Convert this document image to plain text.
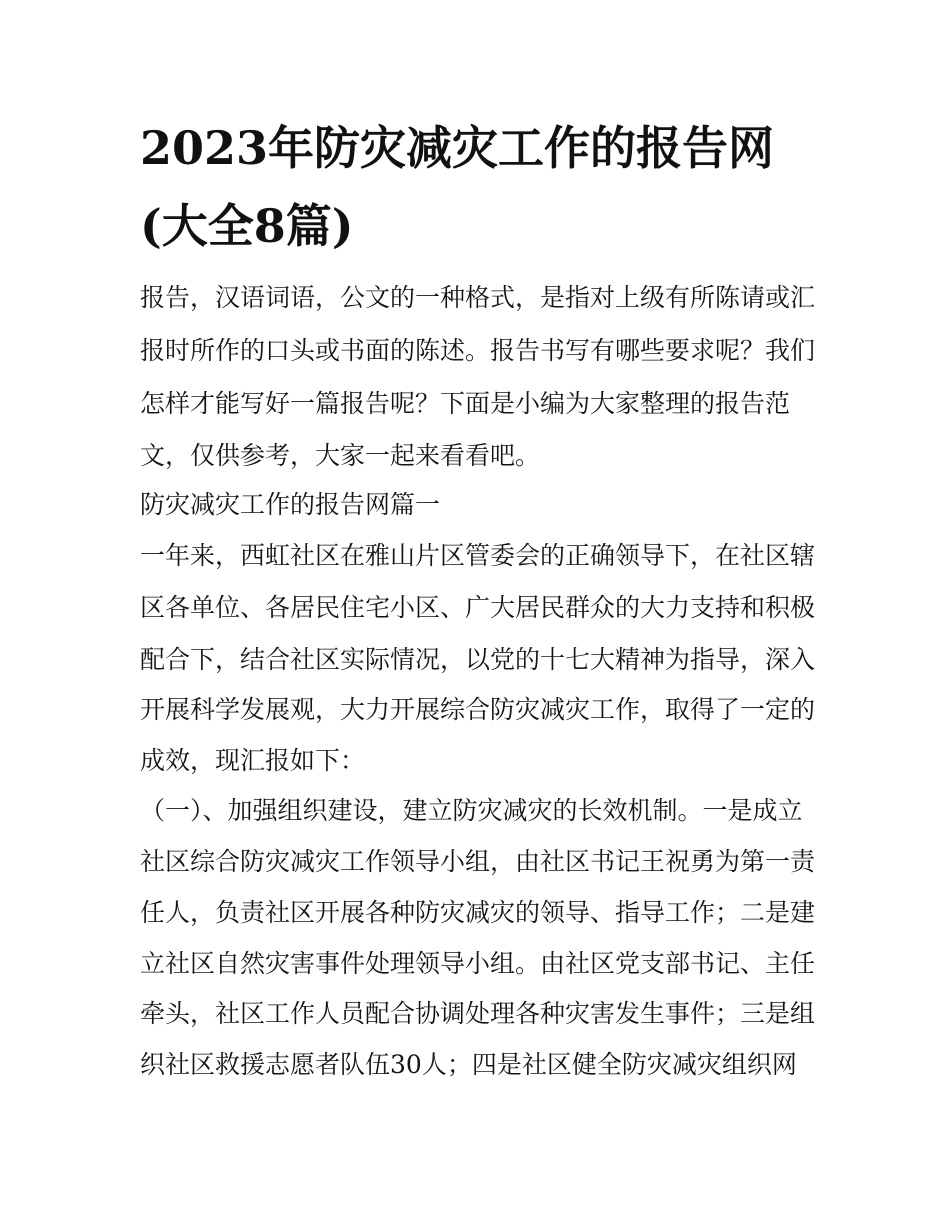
2023年防灾减灾工作的报告网
(大全8篇)
报告，汉语词语，公文的一种格式，是指对上级有所陈请或汇
报时所作的口头或书面的陈述。报告书写有哪些要求呢？我们
怎样才能写好一篇报告呢？下面是小编为大家整理的报告范
文，仅供参考，大家一起来看看吧。
防灾减灾工作的报告网篇一
一年来，西虹社区在雅山片区管委会的正确领导下，在社区辖
区各单位、各居民住宅小区、广大居民群众的大力支持和积极
配合下，结合社区实际情况，以党的十七大精神为指导，深入
开展科学发展观，大力开展综合防灾减灾工作，取得了一定的
成效，现汇报如下：
（一）、加强组织建设，建立防灾减灾的长效机制。一是成立
社区综合防灾减灾工作领导小组，由社区书记王祝勇为第一责
任人，负责社区开展各种防灾减灾的领导、指导工作；二是建
立社区自然灾害事件处理领导小组。由社区党支部书记、主任
牵头，社区工作人员配合协调处理各种灾害发生事件；三是组
织社区救援志愿者队伍30人；四是社区健全防灾减灾组织网
